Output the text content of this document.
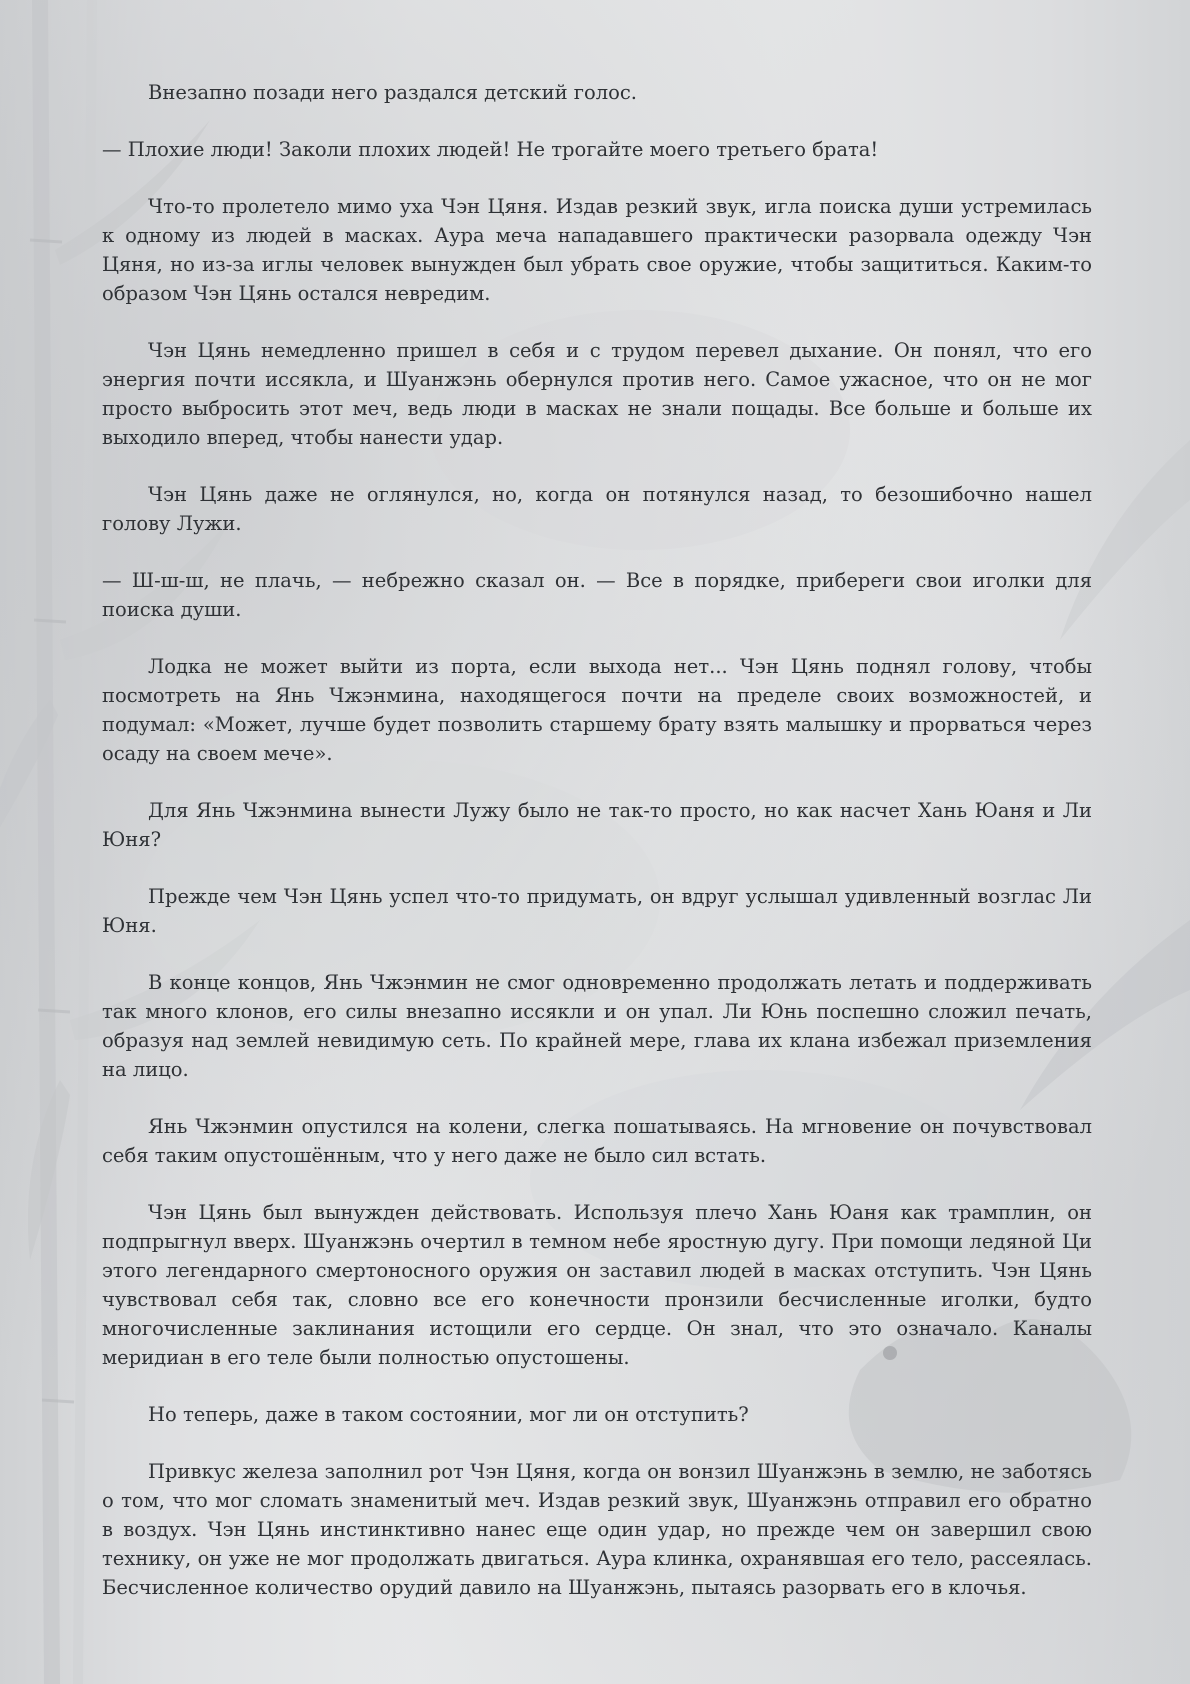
Внезапно позади него раздался детский голос.

— Плохие люди! Заколи плохих людей! Не трогайте моего третьего брата!

Что-то пролетело мимо уха Чэн Цяня. Издав резкий звук, игла поиска души устремилась к одному из людей в масках. Аура меча нападавшего практически разорвала одежду Чэн Цяня, но из-за иглы человек вынужден был убрать свое оружие, чтобы защититься. Каким-то образом Чэн Цянь остался невредим.

Чэн Цянь немедленно пришел в себя и с трудом перевел дыхание. Он понял, что его энергия почти иссякла, и Шуанжэнь обернулся против него. Самое ужасное, что он не мог просто выбросить этот меч, ведь люди в масках не знали пощады. Все больше и больше их выходило вперед, чтобы нанести удар.

Чэн Цянь даже не оглянулся, но, когда он потянулся назад, то безошибочно нашел голову Лужи.

— Ш-ш-ш, не плачь, — небрежно сказал он. — Все в порядке, прибереги свои иголки для поиска души.

Лодка не может выйти из порта, если выхода нет... Чэн Цянь поднял голову, чтобы посмотреть на Янь Чжэнмина, находящегося почти на пределе своих возможностей, и подумал: «Может, лучше будет позволить старшему брату взять малышку и прорваться через осаду на своем мече».

Для Янь Чжэнмина вынести Лужу было не так-то просто, но как насчет Хань Юаня и Ли Юня?

Прежде чем Чэн Цянь успел что-то придумать, он вдруг услышал удивленный возглас Ли Юня.

В конце концов, Янь Чжэнмин не смог одновременно продолжать летать и поддерживать так много клонов, его силы внезапно иссякли и он упал. Ли Юнь поспешно сложил печать, образуя над землей невидимую сеть. По крайней мере, глава их клана избежал приземления на лицо.

Янь Чжэнмин опустился на колени, слегка пошатываясь. На мгновение он почувствовал себя таким опустошённым, что у него даже не было сил встать.

Чэн Цянь был вынужден действовать. Используя плечо Хань Юаня как трамплин, он подпрыгнул вверх. Шуанжэнь очертил в темном небе яростную дугу. При помощи ледяной Ци этого легендарного смертоносного оружия он заставил людей в масках отступить. Чэн Цянь чувствовал себя так, словно все его конечности пронзили бесчисленные иголки, будто многочисленные заклинания истощили его сердце. Он знал, что это означало. Каналы меридиан в его теле были полностью опустошены.

Но теперь, даже в таком состоянии, мог ли он отступить?

Привкус железа заполнил рот Чэн Цяня, когда он вонзил Шуанжэнь в землю, не заботясь о том, что мог сломать знаменитый меч. Издав резкий звук, Шуанжэнь отправил его обратно в воздух. Чэн Цянь инстинктивно нанес еще один удар, но прежде чем он завершил свою технику, он уже не мог продолжать двигаться. Аура клинка, охранявшая его тело, рассеялась. Бесчисленное количество орудий давило на Шуанжэнь, пытаясь разорвать его в клочья.
